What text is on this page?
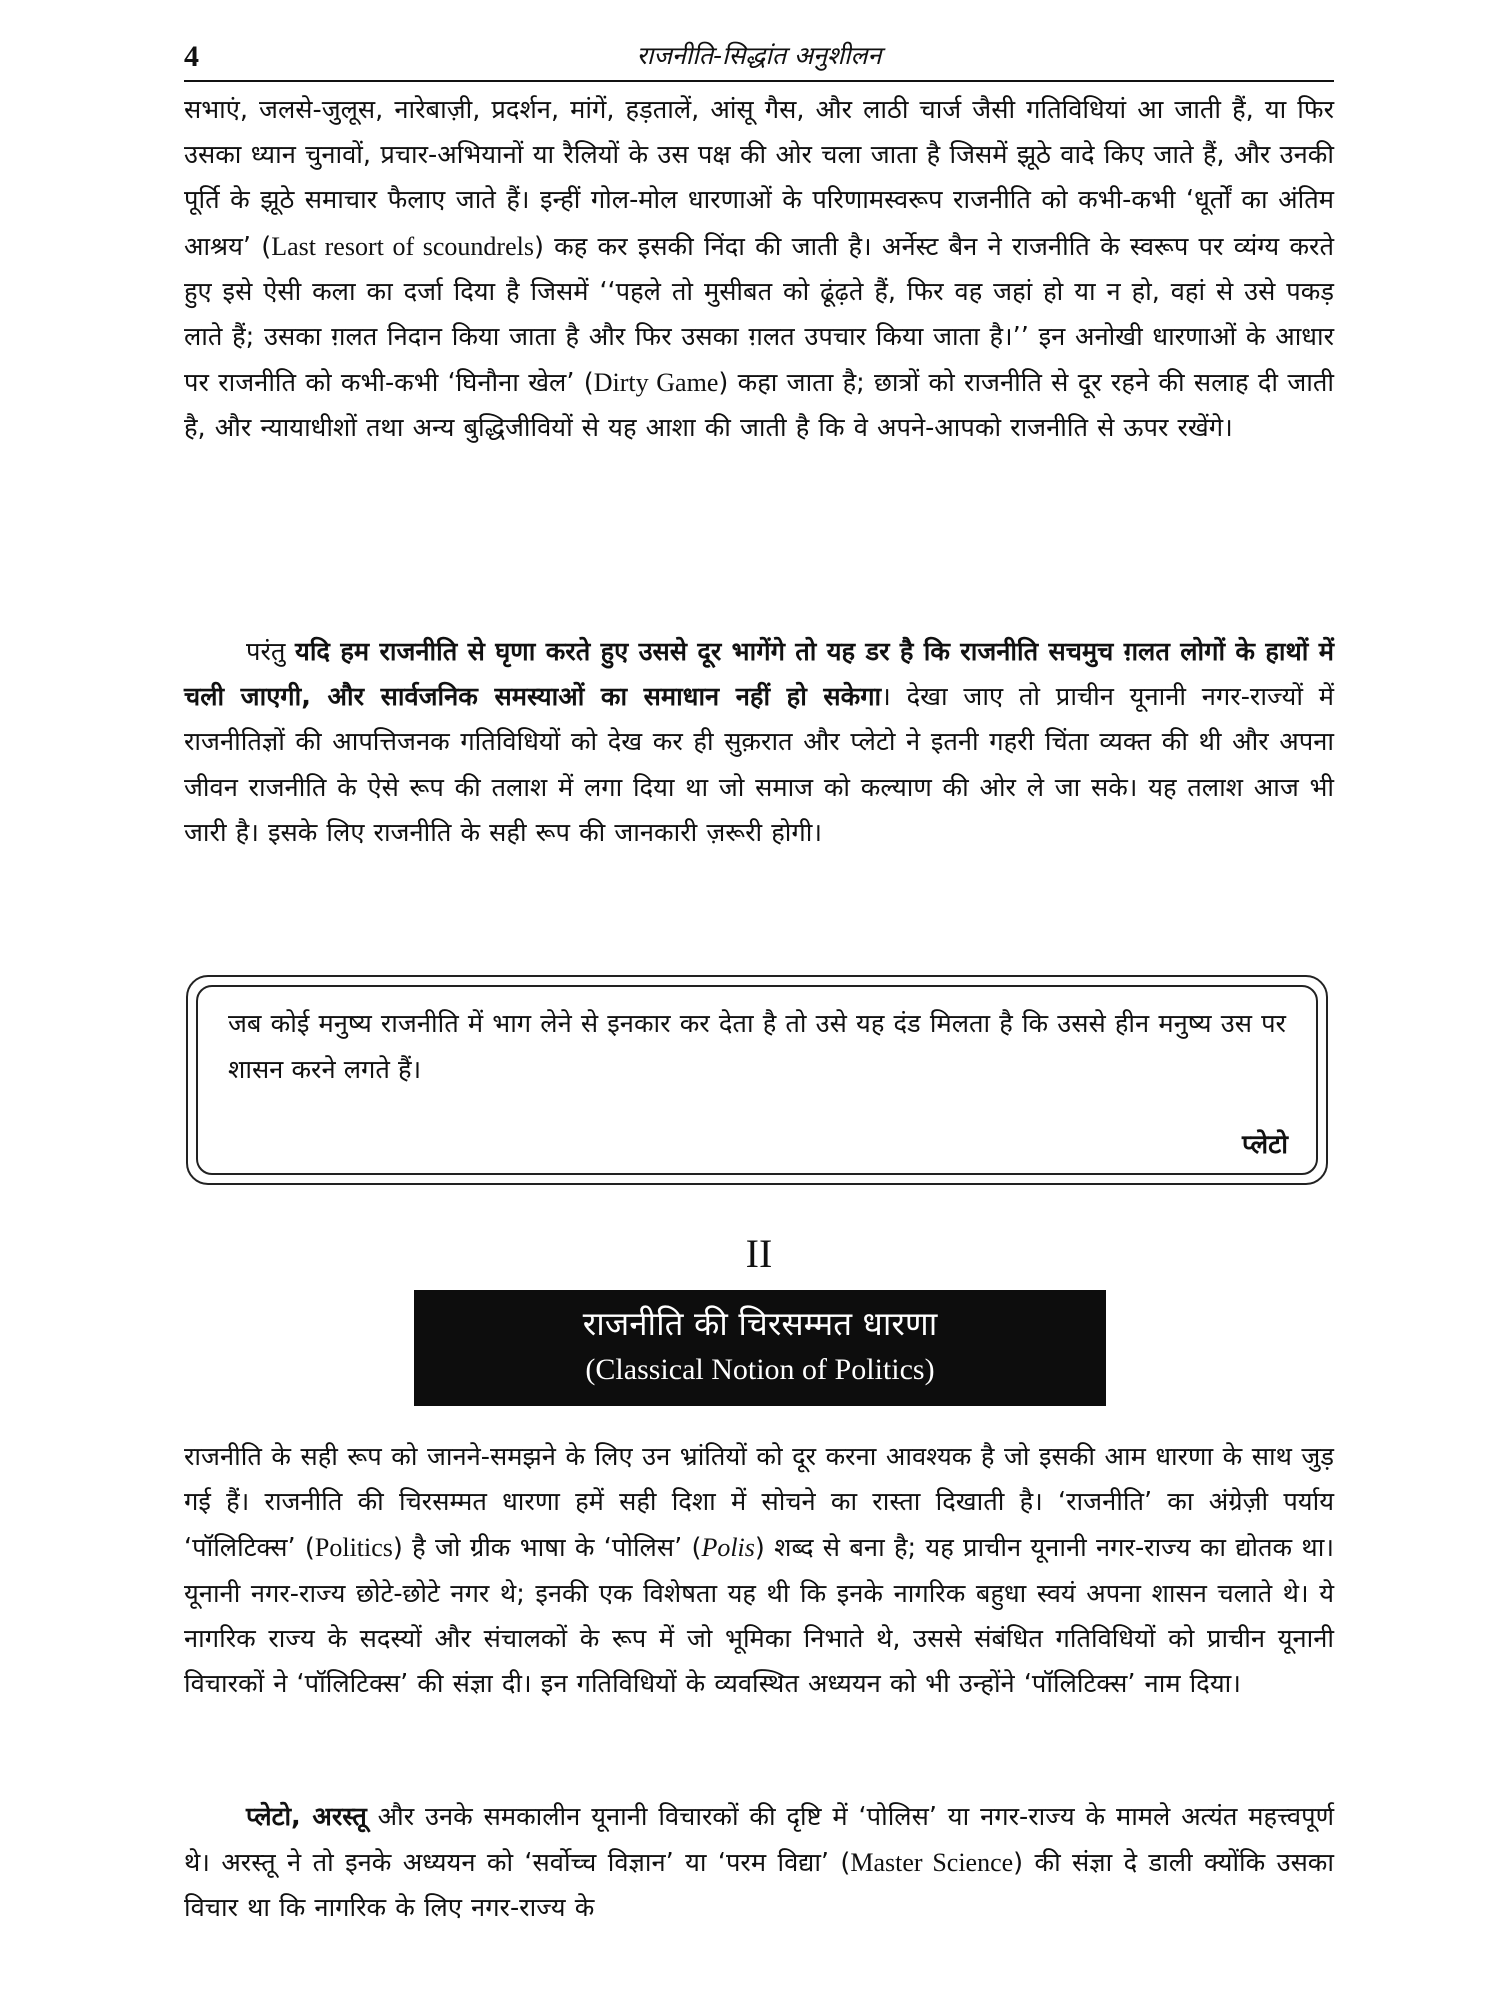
4	राजनीति-सिद्धांत अनुशीलन

सभाएं, जलसे-जुलूस, नारेबाज़ी, प्रदर्शन, मांगें, हड़तालें, आंसू गैस, और लाठी चार्ज जैसी गतिविधियां आ जाती हैं, या फिर उसका ध्यान चुनावों, प्रचार-अभियानों या रैलियों के उस पक्ष की ओर चला जाता है जिसमें झूठे वादे किए जाते हैं, और उनकी पूर्ति के झूठे समाचार फैलाए जाते हैं। इन्हीं गोल-मोल धारणाओं के परिणामस्वरूप राजनीति को कभी-कभी ‘धूर्तों का अंतिम आश्रय’ (Last resort of scoundrels) कह कर इसकी निंदा की जाती है। अर्नेस्ट बैन ने राजनीति के स्वरूप पर व्यंग्य करते हुए इसे ऐसी कला का दर्जा दिया है जिसमें ‘‘पहले तो मुसीबत को ढूंढ़ते हैं, फिर वह जहां हो या न हो, वहां से उसे पकड़ लाते हैं; उसका ग़लत निदान किया जाता है और फिर उसका ग़लत उपचार किया जाता है।’’ इन अनोखी धारणाओं के आधार पर राजनीति को कभी-कभी ‘घिनौना खेल’ (Dirty Game) कहा जाता है; छात्रों को राजनीति से दूर रहने की सलाह दी जाती है, और न्यायाधीशों तथा अन्य बुद्धिजीवियों से यह आशा की जाती है कि वे अपने-आपको राजनीति से ऊपर रखेंगे।

परंतु यदि हम राजनीति से घृणा करते हुए उससे दूर भागेंगे तो यह डर है कि राजनीति सचमुच ग़लत लोगों के हाथों में चली जाएगी, और सार्वजनिक समस्याओं का समाधान नहीं हो सकेगा। देखा जाए तो प्राचीन यूनानी नगर-राज्यों में राजनीतिज्ञों की आपत्तिजनक गतिविधियों को देख कर ही सुक़रात और प्लेटो ने इतनी गहरी चिंता व्यक्त की थी और अपना जीवन राजनीति के ऐसे रूप की तलाश में लगा दिया था जो समाज को कल्याण की ओर ले जा सके। यह तलाश आज भी जारी है। इसके लिए राजनीति के सही रूप की जानकारी ज़रूरी होगी।

जब कोई मनुष्य राजनीति में भाग लेने से इनकार कर देता है तो उसे यह दंड मिलता है कि उससे हीन मनुष्य उस पर शासन करने लगते हैं।

प्लेटो
II
राजनीति की चिरसम्मत धारणा
(Classical Notion of Politics)

राजनीति के सही रूप को जानने-समझने के लिए उन भ्रांतियों को दूर करना आवश्यक है जो इसकी आम धारणा के साथ जुड़ गई हैं। राजनीति की चिरसम्मत धारणा हमें सही दिशा में सोचने का रास्ता दिखाती है। ‘राजनीति’ का अंग्रेज़ी पर्याय ‘पॉलिटिक्स’ (Politics) है जो ग्रीक भाषा के ‘पोलिस’ (Polis) शब्द से बना है; यह प्राचीन यूनानी नगर-राज्य का द्योतक था। यूनानी नगर-राज्य छोटे-छोटे नगर थे; इनकी एक विशेषता यह थी कि इनके नागरिक बहुधा स्वयं अपना शासन चलाते थे। ये नागरिक राज्य के सदस्यों और संचालकों के रूप में जो भूमिका निभाते थे, उससे संबंधित गतिविधियों को प्राचीन यूनानी विचारकों ने ‘पॉलिटिक्स’ की संज्ञा दी। इन गतिविधियों के व्यवस्थित अध्ययन को भी उन्होंने ‘पॉलिटिक्स’ नाम दिया।

प्लेटो, अरस्तू और उनके समकालीन यूनानी विचारकों की दृष्टि में ‘पोलिस’ या नगर-राज्य के मामले अत्यंत महत्त्वपूर्ण थे। अरस्तू ने तो इनके अध्ययन को ‘सर्वोच्च विज्ञान’ या ‘परम विद्या’ (Master Science) की संज्ञा दे डाली क्योंकि उसका विचार था कि नागरिक के लिए नगर-राज्य के
